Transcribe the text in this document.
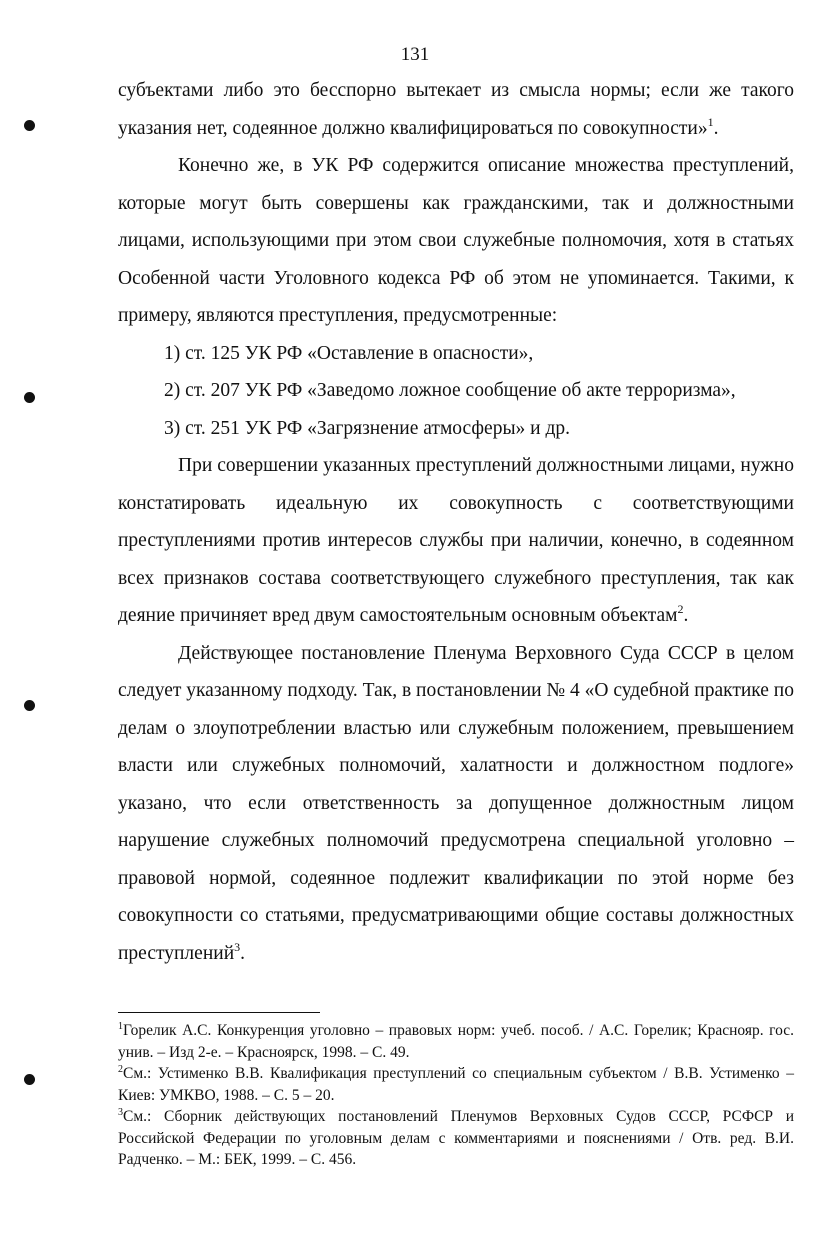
131

субъектами либо это бесспорно вытекает из смысла нормы; если же такого указания нет, содеянное должно квалифицироваться по совокупности»$^1$.

Конечно же, в УК РФ содержится описание множества преступлений, которые могут быть совершены как гражданскими, так и должностными лицами, использующими при этом свои служебные полномочия, хотя в статьях Особенной части Уголовного кодекса РФ об этом не упоминается. Такими, к примеру, являются преступления, предусмотренные:

1) ст. 125 УК РФ «Оставление в опасности»,

2) ст. 207 УК РФ «Заведомо ложное сообщение об акте терроризма»,

3) ст. 251 УК РФ «Загрязнение атмосферы» и др.

При совершении указанных преступлений должностными лицами, нужно констатировать идеальную их совокупность с соответствующими преступлениями против интересов службы при наличии, конечно, в содеянном всех признаков состава соответствующего служебного преступления, так как деяние причиняет вред двум самостоятельным основным объектам$^2$.

Действующее постановление Пленума Верховного Суда СССР в целом следует указанному подходу. Так, в постановлении № 4 «О судебной практике по делам о злоупотреблении властью или служебным положением, превышением власти или служебных полномочий, халатности и должностном подлоге» указано, что если ответственность за допущенное должностным лицом нарушение служебных полномочий предусмотрена специальной уголовно – правовой нормой, содеянное подлежит квалификации по этой норме без совокупности со статьями, предусматривающими общие составы должностных преступлений$^3$.

$^1$Горелик А.С. Конкуренция уголовно – правовых норм: учеб. пособ. / А.С. Горелик; Краснояр. гос. унив. – Изд 2-е. – Красноярск, 1998. – С. 49.

$^2$См.: Устименко В.В. Квалификация преступлений со специальным субъектом / В.В. Устименко – Киев: УМКВО, 1988. – С. 5 – 20.

$^3$См.: Сборник действующих постановлений Пленумов Верховных Судов СССР, РСФСР и Российской Федерации по уголовным делам с комментариями и пояснениями / Отв. ред. В.И. Радченко. – М.: БЕК, 1999. – С. 456.
